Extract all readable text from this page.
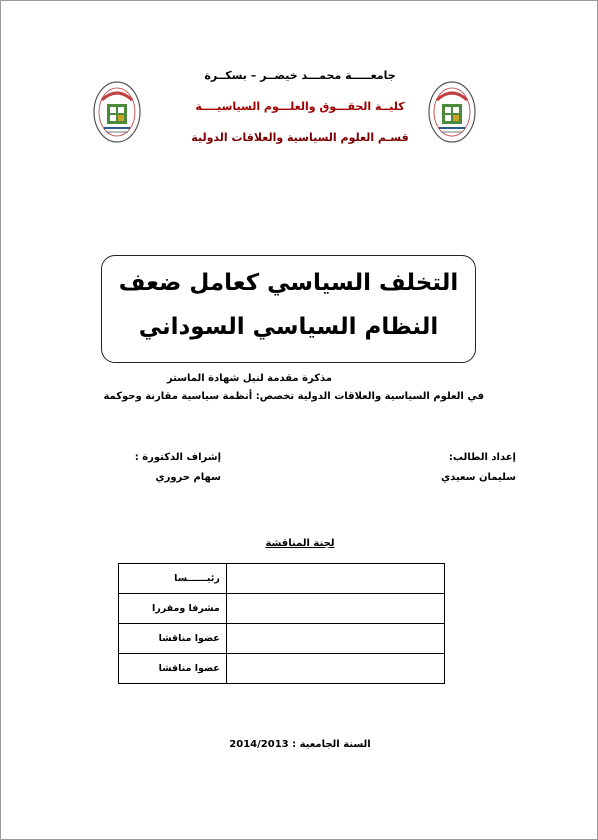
جامعـــــة محمـــد خيضــر – بسكــرة
كليــة الحقـــوق والعلـــوم السياسيــــة
قسـم العلوم السياسية والعلاقات الدولية
التخلف السياسي كعامل ضعف
النظام السياسي السوداني
مذكرة مقدمة لنيل شهادة الماستر
في العلوم السياسية والعلاقات الدولية تخصص: أنظمة سياسية مقارنة وحوكمة
إعداد الطالب:
سليمان سعيدي
إشراف الدكتورة :
سهام حروري
لجنة المناقشة
رئيــــــسا	
مشرفا ومقررا	
عضوا مناقشا	
عضوا مناقشا	
السنة الجامعية : 2014/2013
